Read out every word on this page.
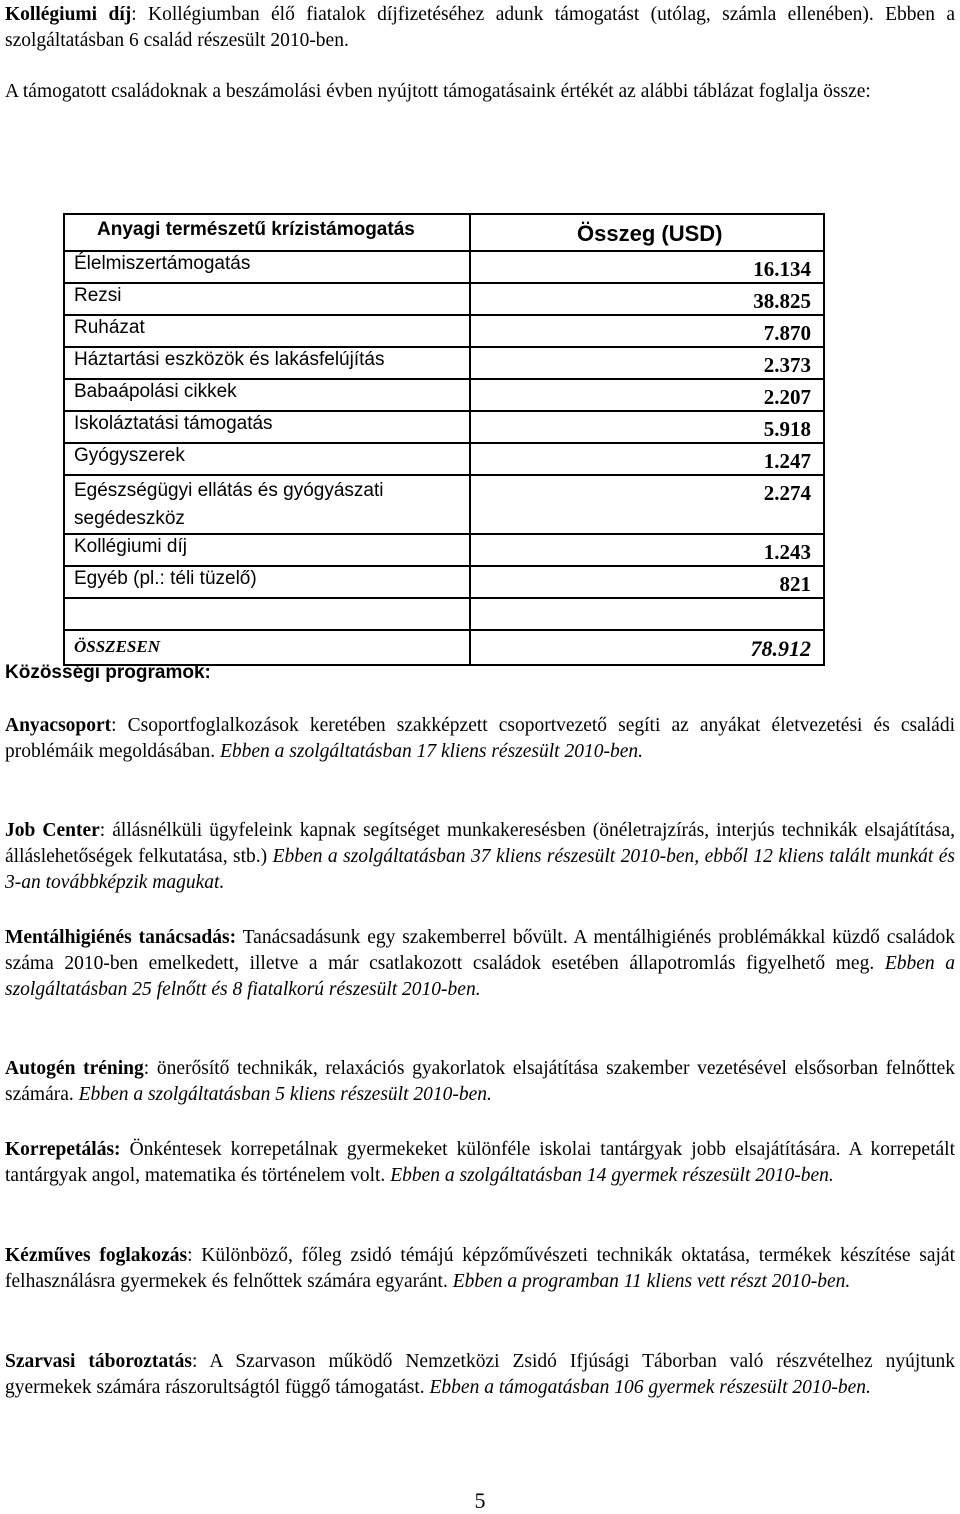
Kollégiumi díj: Kollégiumban élő fiatalok díjfizetéséhez adunk támogatást (utólag, számla ellenében). Ebben a szolgáltatásban 6 család részesült 2010-ben.

A támogatott családoknak a beszámolási évben nyújtott támogatásaink értékét az alábbi táblázat foglalja össze:

Anyagi természetű krízistámogatás	Összeg (USD)
Élelmiszertámogatás	16.134
Rezsi	38.825
Ruházat	7.870
Háztartási eszközök és lakásfelújítás	2.373
Babaápolási cikkek	2.207
Iskoláztatási támogatás	5.918
Gyógyszerek	1.247
Egészségügyi ellátás és gyógyászati segédeszköz	2.274
Kollégiumi díj	1.243
Egyéb (pl.: téli tüzelő)	821

ÖSSZESEN	78.912

Közösségi programok:

Anyacsoport: Csoportfoglalkozások keretében szakképzett csoportvezető segíti az anyákat életvezetési és családi problémáik megoldásában. Ebben a szolgáltatásban 17 kliens részesült 2010-ben.

Job Center: állásnélküli ügyfeleink kapnak segítséget munkakeresésben (önéletrajzírás, interjús technikák elsajátítása, álláslehetőségek felkutatása, stb.) Ebben a szolgáltatásban 37 kliens részesült 2010-ben, ebből 12 kliens talált munkát és 3-an továbbképzik magukat.

Mentálhigiénés tanácsadás: Tanácsadásunk egy szakemberrel bővült. A mentálhigiénés problémákkal küzdő családok száma 2010-ben emelkedett, illetve a már csatlakozott családok esetében állapotromlás figyelhető meg. Ebben a szolgáltatásban 25 felnőtt és 8 fiatalkorú részesült 2010-ben.

Autogén tréning: önerősítő technikák, relaxációs gyakorlatok elsajátítása szakember vezetésével elsősorban felnőttek számára. Ebben a szolgáltatásban 5 kliens részesült 2010-ben.

Korrepetálás: Önkéntesek korrepetálnak gyermekeket különféle iskolai tantárgyak jobb elsajátítására. A korrepetált tantárgyak angol, matematika és történelem volt. Ebben a szolgáltatásban 14 gyermek részesült 2010-ben.

Kézműves foglakozás: Különböző, főleg zsidó témájú képzőművészeti technikák oktatása, termékek készítése saját felhasználásra gyermekek és felnőttek számára egyaránt. Ebben a programban 11 kliens vett részt 2010-ben.

Szarvasi táboroztatás: A Szarvason működő Nemzetközi Zsidó Ifjúsági Táborban való részvételhez nyújtunk gyermekek számára rászorultságtól függő támogatást. Ebben a támogatásban 106 gyermek részesült 2010-ben.

5
